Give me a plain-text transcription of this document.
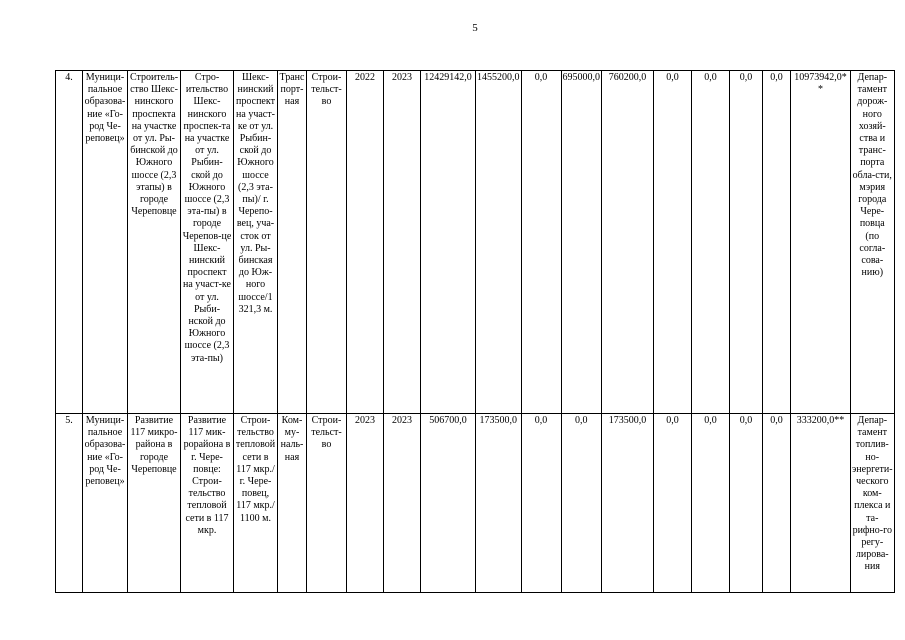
5
4.	Муници-пальное образова-ние «Го-род Че-реповец»	Строитель-ство Шекс-нинского проспекта на участке от ул. Ры-бинской до Южного шоссе (2,3 этапы) в городе Череповце	Стро-ительство Шекс-нинского проспек-та на участке от ул. Рыбин-ской до Южного шоссе (2,3 эта-пы) в городе Черепов-це Шекс-нинский проспект на участ-ке от ул. Рыби-нской до Южного шоссе (2,3 эта-пы)	Шекс-нинский проспект на участ-ке от ул. Рыбин-ской до Южного шоссе (2,3 эта-пы)/ г. Черепо-вец, уча-сток от ул. Ры-бинская до Юж-ного шоссе/1 321,3 м.	Транс порт-ная	Строи-тельст-во	2022	2023	12429142,0	1455200,0	0,0	695000,0	760200,0	0,0	0,0	0,0	0,0	10973942,0* *	Депар-тамент дорож-ного хозяй-ства и транс-порта обла-сти, мэрия города Чере-повца (по согла-сова-нию)
5.	Муници-пальное образова-ние «Го-род Че-реповец»	Развитие 117 микро-района в городе Череповце	Развитие 117 мик-рорайона в г. Чере-повце: Строи-тельство тепловой сети в 117 мкр.	Строи-тельство тепловой сети в 117 мкр./ г. Чере-повец, 117 мкр./ 1100 м.	Ком-му-наль-ная	Строи-тельст-во	2023	2023	506700,0	173500,0	0,0	0,0	173500,0	0,0	0,0	0,0	0,0	333200,0**	Депар-тамент топлив-но-энергети-ческого ком-плекса и та-рифно-го регу-лирова-ния
